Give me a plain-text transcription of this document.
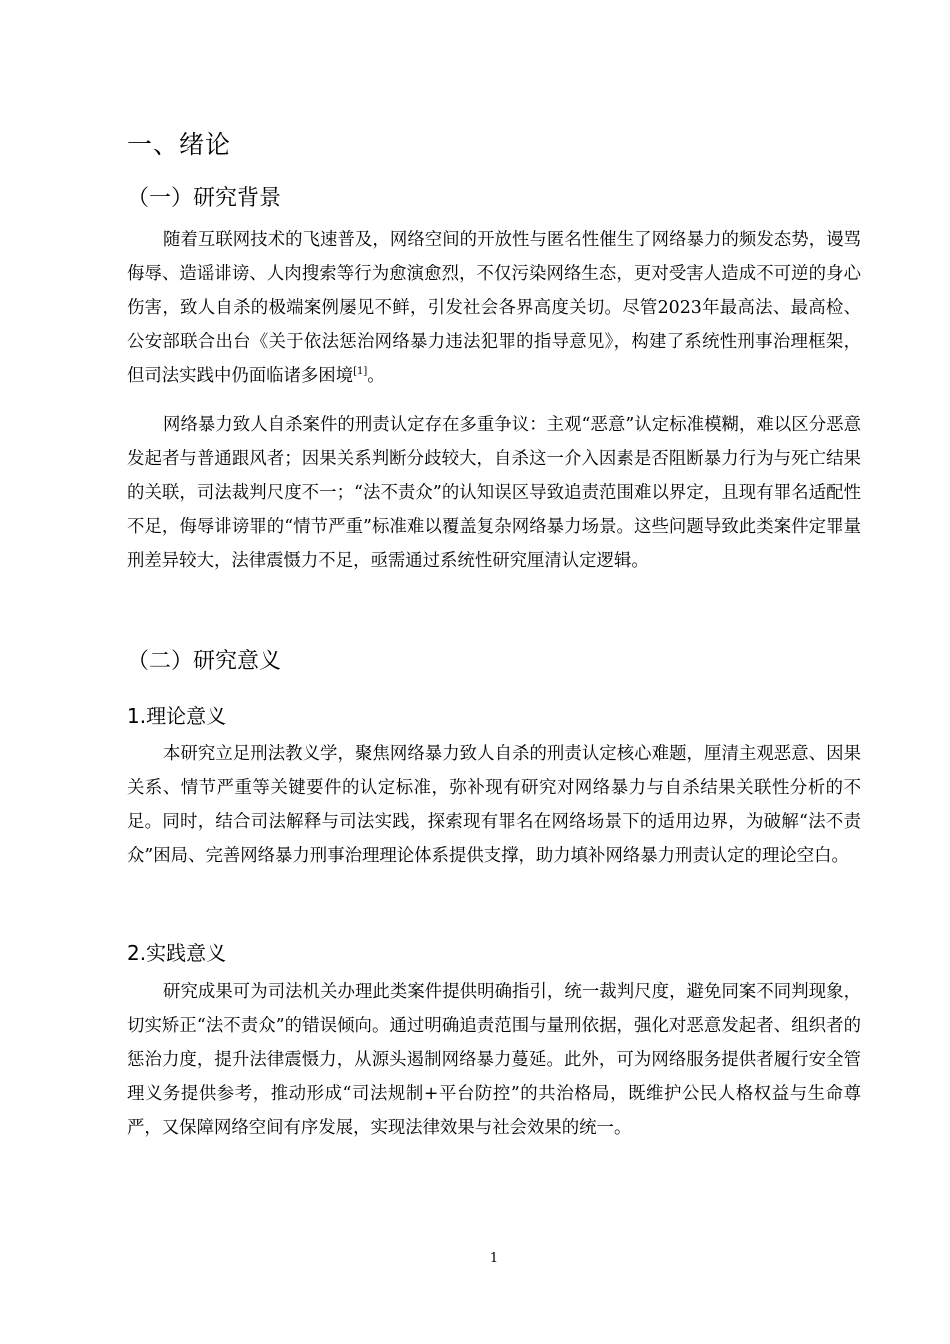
一、绪论
（一）研究背景

随着互联网技术的飞速普及，网络空间的开放性与匿名性催生了网络暴力的频发态势，谩骂侮辱、造谣诽谤、人肉搜索等行为愈演愈烈，不仅污染网络生态，更对受害人造成不可逆的身心伤害，致人自杀的极端案例屡见不鲜，引发社会各界高度关切。尽管2023年最高法、最高检、公安部联合出台《关于依法惩治网络暴力违法犯罪的指导意见》，构建了系统性刑事治理框架，但司法实践中仍面临诸多困境[1]。

网络暴力致人自杀案件的刑责认定存在多重争议：主观“恶意”认定标准模糊，难以区分恶意发起者与普通跟风者；因果关系判断分歧较大，自杀这一介入因素是否阻断暴力行为与死亡结果的关联，司法裁判尺度不一；“法不责众”的认知误区导致追责范围难以界定，且现有罪名适配性不足，侮辱诽谤罪的“情节严重”标准难以覆盖复杂网络暴力场景。这些问题导致此类案件定罪量刑差异较大，法律震慑力不足，亟需通过系统性研究厘清认定逻辑。

（二）研究意义
1.理论意义

本研究立足刑法教义学，聚焦网络暴力致人自杀的刑责认定核心难题，厘清主观恶意、因果关系、情节严重等关键要件的认定标准，弥补现有研究对网络暴力与自杀结果关联性分析的不足。同时，结合司法解释与司法实践，探索现有罪名在网络场景下的适用边界，为破解“法不责众”困局、完善网络暴力刑事治理理论体系提供支撑，助力填补网络暴力刑责认定的理论空白。

2.实践意义

研究成果可为司法机关办理此类案件提供明确指引，统一裁判尺度，避免同案不同判现象，切实矫正“法不责众”的错误倾向。通过明确追责范围与量刑依据，强化对恶意发起者、组织者的惩治力度，提升法律震慑力，从源头遏制网络暴力蔓延。此外，可为网络服务提供者履行安全管理义务提供参考，推动形成“司法规制+平台防控”的共治格局，既维护公民人格权益与生命尊严，又保障网络空间有序发展，实现法律效果与社会效果的统一。

1
